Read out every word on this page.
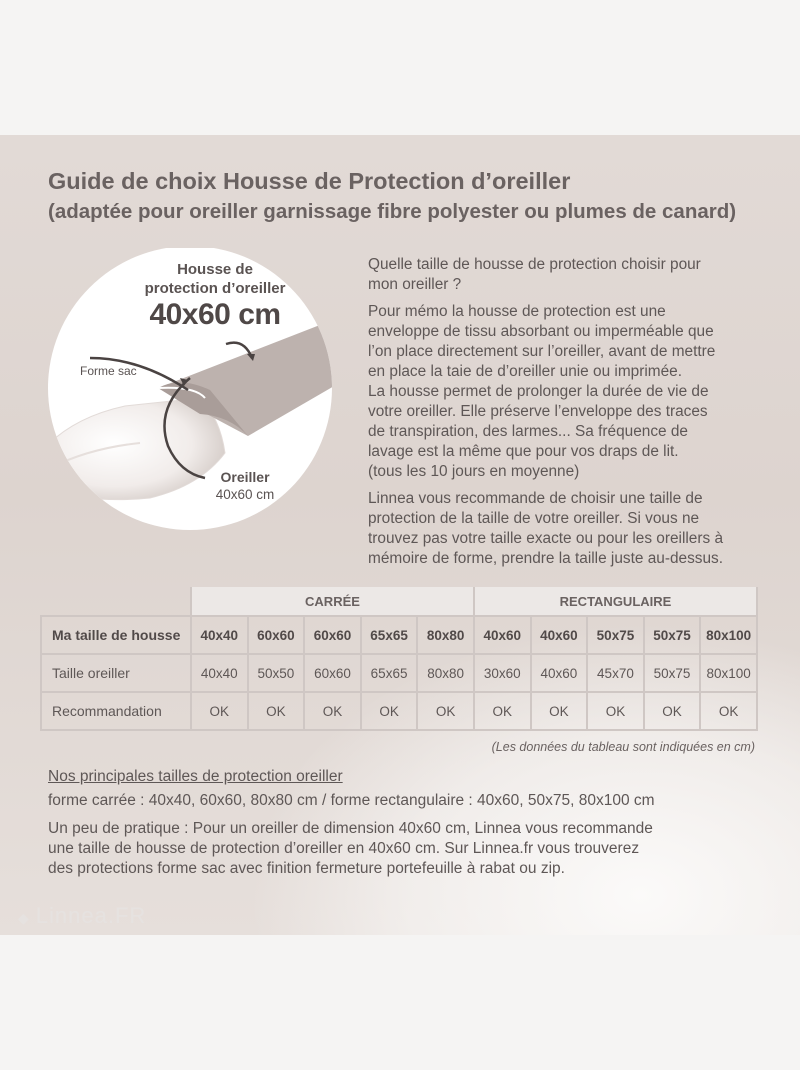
Guide de choix Housse de Protection d’oreiller
(adaptée pour oreiller garnissage fibre polyester ou plumes de canard)
Housse de
protection d’oreiller
40x60 cm
Forme sac
Oreiller
40x60 cm

Quelle taille de housse de protection choisir pour
mon oreiller ?

Pour mémo la housse de protection est une
enveloppe de tissu absorbant ou imperméable que
l’on place directement sur l’oreiller, avant de mettre
en place la taie de d’oreiller unie ou imprimée.
La housse permet de prolonger la durée de vie de
votre oreiller. Elle préserve l’enveloppe des traces
de transpiration, des larmes... Sa fréquence de
lavage est la même que pour vos draps de lit.
(tous les 10 jours en moyenne)

Linnea vous recommande de choisir une taille de
protection de la taille de votre oreiller. Si vous ne
trouvez pas votre taille exacte ou pour les oreillers à
mémoire de forme, prendre la taille juste au-dessus.

	CARRÉE					RECTANGULAIRE				
Ma taille de housse	40x40	60x60	60x60	65x65	80x80	40x60	40x60	50x75	50x75	80x100
Taille oreiller	40x40	50x50	60x60	65x65	80x80	30x60	40x60	45x70	50x75	80x100
Recommandation	OK	OK	OK	OK	OK	OK	OK	OK	OK	OK
(Les données du tableau sont indiquées en cm)
Nos principales tailles de protection oreiller
forme carrée : 40x40, 60x60, 80x80 cm / forme rectangulaire : 40x60, 50x75, 80x100 cm
Un peu de pratique : Pour un oreiller de dimension 40x60 cm, Linnea vous recommande
une taille de housse de protection d’oreiller en 40x60 cm. Sur Linnea.fr vous trouverez
des protections forme sac avec finition fermeture portefeuille à rabat ou zip.
◆ Linnea.FR
